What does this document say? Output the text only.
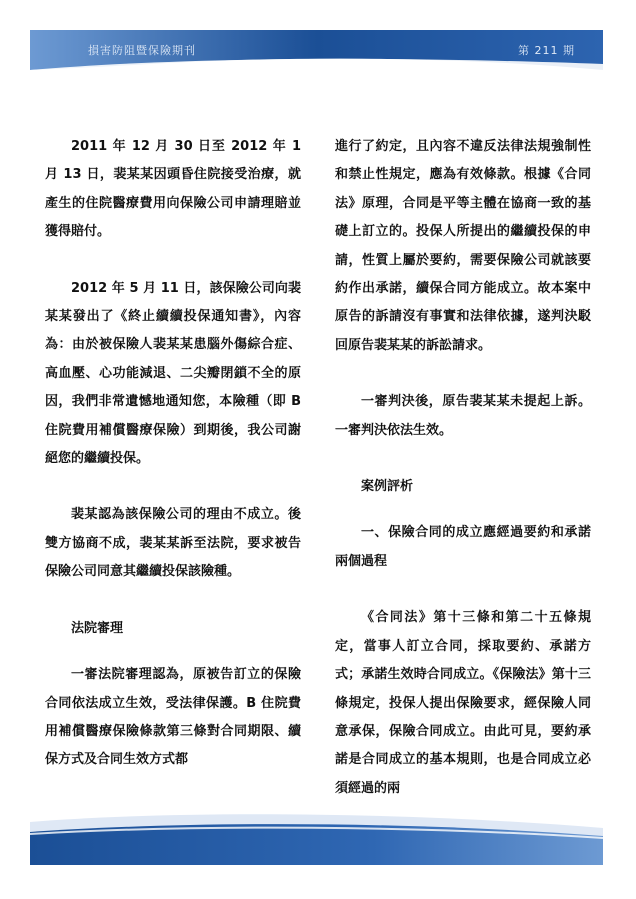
損害防阻暨保險期刊	第 211 期

2011 年 12 月 30 日至 2012 年 1 月 13 日，裴某某因頭昏住院接受治療，就產生的住院醫療費用向保險公司申請理賠並獲得賠付。

2012 年 5 月 11 日，該保險公司向裴某某發出了《終止續續投保通知書》，內容為：由於被保險人裴某某患腦外傷綜合症、高血壓、心功能減退、二尖瓣閉鎖不全的原因，我們非常遺憾地通知您，本險種（即 B 住院費用補償醫療保險）到期後，我公司謝絕您的繼續投保。

裴某認為該保險公司的理由不成立。後雙方協商不成，裴某某訴至法院，要求被告保險公司同意其繼續投保該險種。

法院審理

一審法院審理認為，原被告訂立的保險合同依法成立生效，受法律保護。B 住院費用補償醫療保險條款第三條對合同期限、續保方式及合同生效方式都

進行了約定，且內容不違反法律法規強制性和禁止性規定，應為有效條款。根據《合同法》原理，合同是平等主體在協商一致的基礎上訂立的。投保人所提出的繼續投保的申請，性質上屬於要約，需要保險公司就該要約作出承諾，續保合同方能成立。故本案中原告的訴請沒有事實和法律依據，遂判決駁回原告裴某某的訴訟請求。

一審判決後，原告裴某某未提起上訴。一審判決依法生效。

案例評析

一、保險合同的成立應經過要約和承諾兩個過程

《合同法》第十三條和第二十五條規定，當事人訂立合同，採取要約、承諾方式；承諾生效時合同成立。《保險法》第十三條規定，投保人提出保險要求，經保險人同意承保，保險合同成立。由此可見，要約承諾是合同成立的基本規則，也是合同成立必須經過的兩
